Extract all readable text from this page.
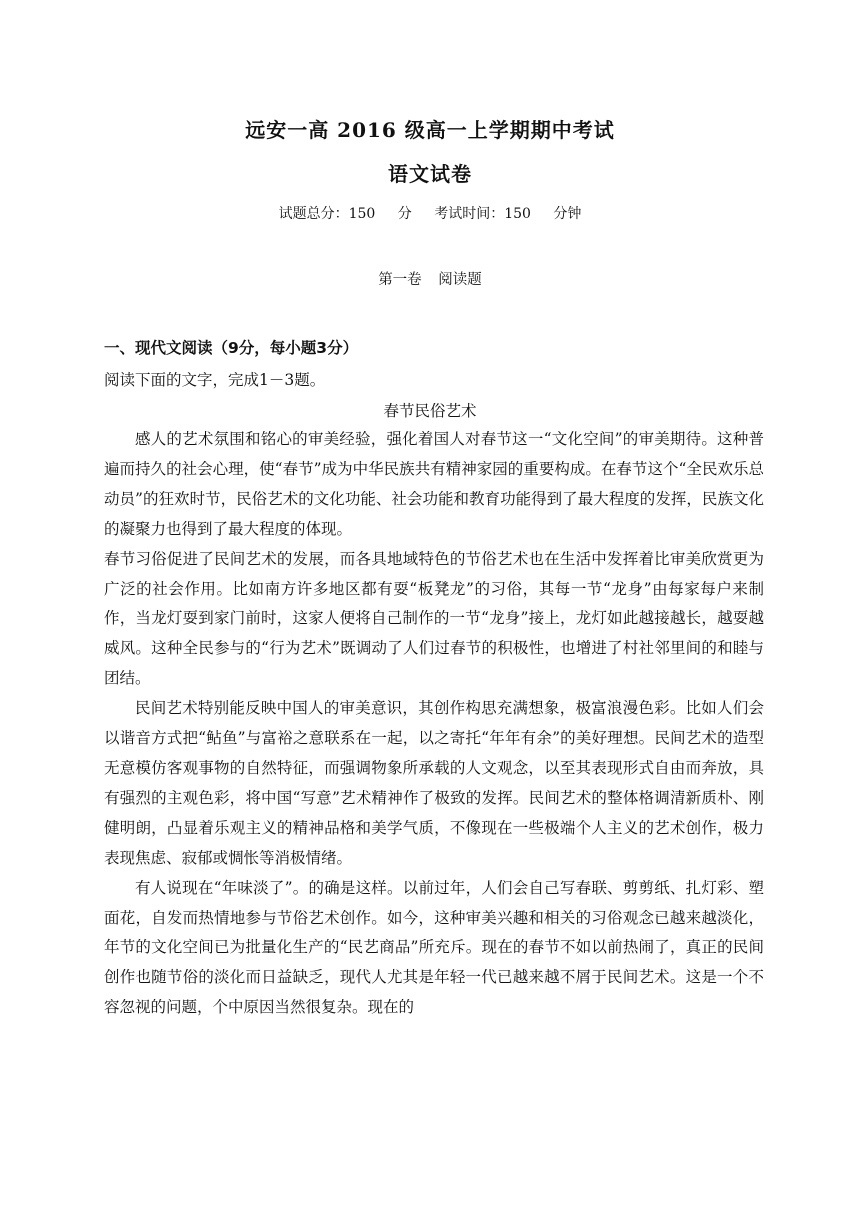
远安一高 2016 级高一上学期期中考试
语文试卷
试题总分：150 分 考试时间：150 分钟
第一卷 阅读题
一、现代文阅读（9分，每小题3分）
阅读下面的文字，完成1－3题。
春节民俗艺术

感人的艺术氛围和铭心的审美经验，强化着国人对春节这一“文化空间”的审美期待。这种普遍而持久的社会心理，使“春节”成为中华民族共有精神家园的重要构成。在春节这个“全民欢乐总动员”的狂欢时节，民俗艺术的文化功能、社会功能和教育功能得到了最大程度的发挥，民族文化的凝聚力也得到了最大程度的体现。

春节习俗促进了民间艺术的发展，而各具地域特色的节俗艺术也在生活中发挥着比审美欣赏更为广泛的社会作用。比如南方许多地区都有耍“板凳龙”的习俗，其每一节“龙身”由每家每户来制作，当龙灯耍到家门前时，这家人便将自己制作的一节“龙身”接上，龙灯如此越接越长，越耍越威风。这种全民参与的“行为艺术”既调动了人们过春节的积极性，也增进了村社邻里间的和睦与团结。

民间艺术特别能反映中国人的审美意识，其创作构思充满想象，极富浪漫色彩。比如人们会以谐音方式把“鲇鱼”与富裕之意联系在一起，以之寄托“年年有余”的美好理想。民间艺术的造型无意模仿客观事物的自然特征，而强调物象所承载的人文观念，以至其表现形式自由而奔放，具有强烈的主观色彩，将中国“写意”艺术精神作了极致的发挥。民间艺术的整体格调清新质朴、刚健明朗，凸显着乐观主义的精神品格和美学气质，不像现在一些极端个人主义的艺术创作，极力表现焦虑、寂郁或惆怅等消极情绪。

有人说现在“年味淡了”。的确是这样。以前过年，人们会自己写春联、剪剪纸、扎灯彩、塑面花，自发而热情地参与节俗艺术创作。如今，这种审美兴趣和相关的习俗观念已越来越淡化，年节的文化空间已为批量化生产的“民艺商品”所充斥。现在的春节不如以前热闹了，真正的民间创作也随节俗的淡化而日益缺乏，现代人尤其是年轻一代已越来越不屑于民间艺术。这是一个不容忽视的问题，个中原因当然很复杂。现在的
